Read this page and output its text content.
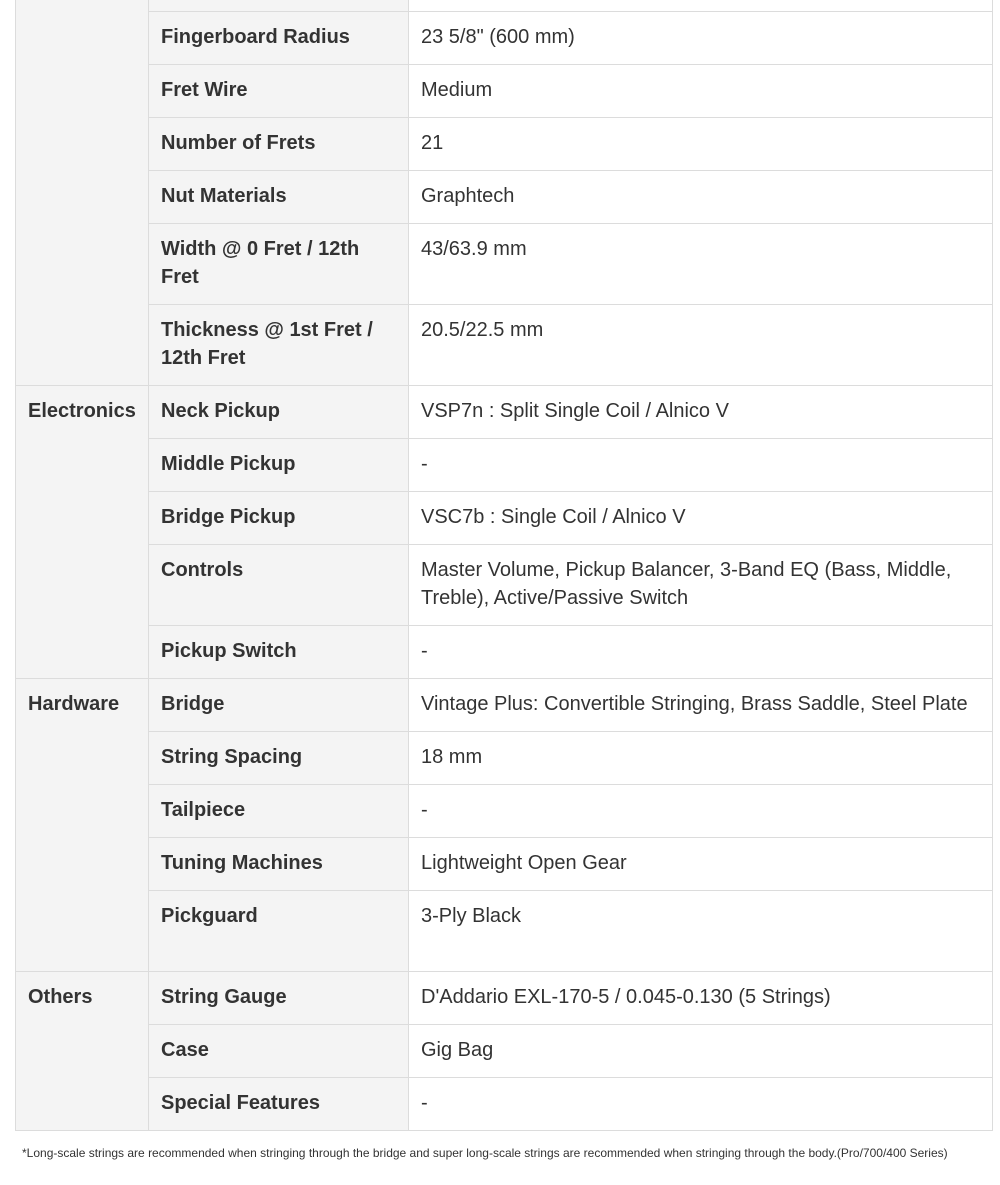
	Fingerboard Radius	23 5/8" (600 mm)
	Fret Wire	Medium
	Number of Frets	21
	Nut Materials	Graphtech
	Width @ 0 Fret / 12th Fret	43/63.9 mm
	Thickness @ 1st Fret / 12th Fret	20.5/22.5 mm
Electronics	Neck Pickup	VSP7n : Split Single Coil / Alnico V
	Middle Pickup	-
	Bridge Pickup	VSC7b : Single Coil / Alnico V
	Controls	Master Volume, Pickup Balancer, 3-Band EQ (Bass, Middle, Treble), Active/Passive Switch
	Pickup Switch	-
Hardware	Bridge	Vintage Plus: Convertible Stringing, Brass Saddle, Steel Plate
	String Spacing	18 mm
	Tailpiece	-
	Tuning Machines	Lightweight Open Gear
	Pickguard	3-Ply Black
Others	String Gauge	D'Addario EXL-170-5 / 0.045-0.130 (5 Strings)
	Case	Gig Bag
	Special Features	-
*Long-scale strings are recommended when stringing through the bridge and super long-scale strings are recommended when stringing through the body.(Pro/700/400 Series)
